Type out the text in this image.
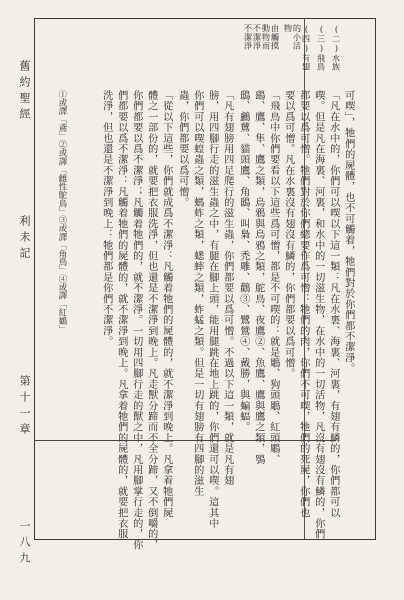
舊約聖經
利未記
第十一章
一八九
(二)水族
(三)飛鳥
(四)有翅
的小活
物
由觸摸
動物而
不潔淨
不潔淨
可喫」，牠們的屍體，也不可觸着，牠們對於你們都不潔淨。
「凡在水中的，你們可以喫以下這一類：凡在水裏、海裏、河裏，有翅有鱗的，你們都可以
喫。但是凡在海裏、河裏，和水中的一切滋生物，在水中的一切活物，凡沒有翅沒有鱗的，你們
都要以爲可憎。牠們對於你們總要作爲可憎：牠們的肉，你們不可喫，牠們的死屍，你們也
要以爲可憎。凡在水裏沒有翅沒有鱗的，你們都要以爲可憎。
「飛鳥中你們要看以下這些爲可憎，都是不可喫的：就是鵰、狗頭鵰、紅頭鵰、
鷂、鷹、隼、鷹之類，烏鴉與烏鴉之類，鴕鳥、夜鷹②、魚鷹、鷹與鷹之類，鴞
鴟、鸕鶿、貓頭鷹、角鴟、叫梟、禿雕、鸛③、鷺鷥④、戴勝，與蝙蝠。
「凡有翅膀用四足爬行的滋生蟲，你們都要以爲可憎。不過以下這一類，就是凡有翅
膀，用四腳行走的滋生蟲之中，有腿在腳上頭，能用腿跳在地上跳的，你們還可以喫。這其中
你們可以喫蝗蟲之類，螞蚱之類，蟋蟀之類，蚱蜢之類。但是一切有翅膀有四腳的滋生
蟲，你們都要以爲可憎。
「從以下這些，你們就成爲不潔淨：凡觸着牠們的屍體的，就不潔淨到晚上。凡拿着牠們屍
體之一部份的，就要把衣服洗淨，但也還是不潔淨到晚上。凡走獸分蹄而不全分蹄，又不倒嚼的，
你們都要以爲不潔淨；凡觸着牠們的，就不潔淨。一切用四腳行走的獸之中，凡用腳掌行走的，你
們都要以爲不潔淨：凡觸着牠們的屍體的，就不潔淨到晚上。凡拿着牠們的屍體的，就要把衣服
洗淨，但也還是不潔淨到晚上：牠們都是你們不潔淨。
①或譯「鳶」②或譯「雌性鴕鳥」③或譯「角鳥」④或譯「紅鶴」
